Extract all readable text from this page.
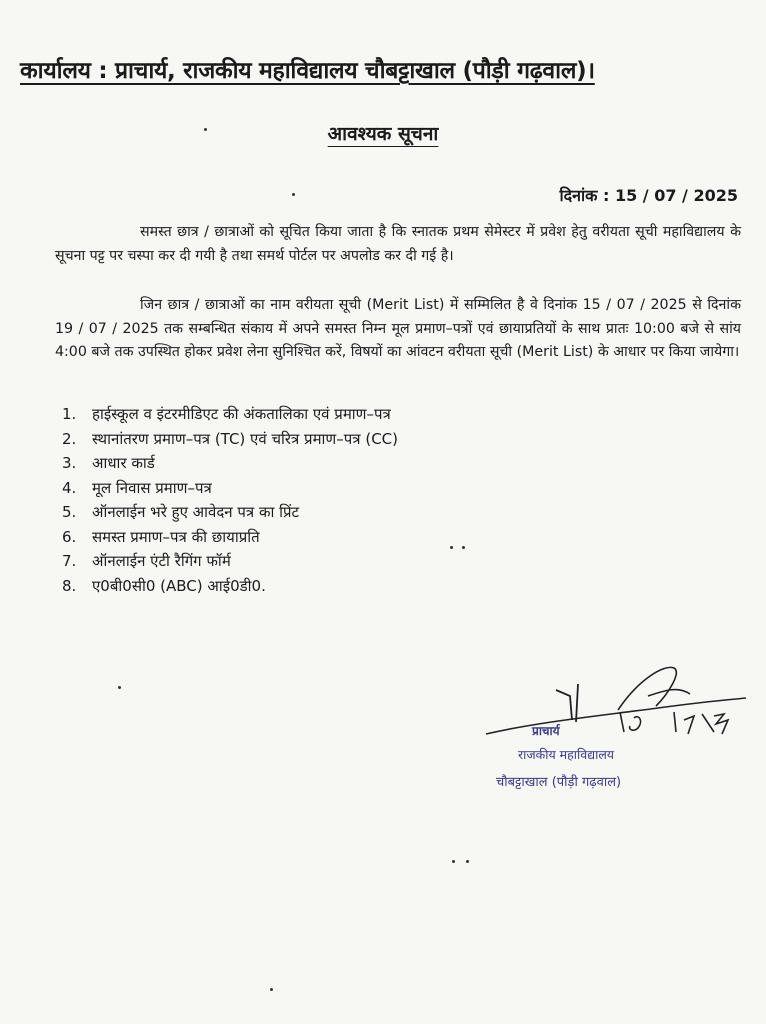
कार्यालय : प्राचार्य, राजकीय महाविद्यालय चौबट्टाखाल (पौड़ी गढ़वाल)।
आवश्यक सूचना
दिनांक : 15 / 07 / 2025
समस्त छात्र / छात्राओं को सूचित किया जाता है कि स्नातक प्रथम सेमेस्टर में प्रवेश हेतु वरीयता सूची महाविद्यालय के सूचना पट्ट पर चस्पा कर दी गयी है तथा समर्थ पोर्टल पर अपलोड कर दी गई है।
जिन छात्र / छात्राओं का नाम वरीयता सूची (Merit List) में सम्मिलित है वे दिनांक 15 / 07 / 2025 से दिनांक 19 / 07 / 2025 तक सम्बन्धित संकाय में अपने समस्त निम्न मूल प्रमाण–पत्रों एवं छायाप्रतियों के साथ प्रातः 10:00 बजे से सांय 4:00 बजे तक उपस्थित होकर प्रवेश लेना सुनिश्चित करें, विषयों का आंवटन वरीयता सूची (Merit List) के आधार पर किया जायेगा।
1. हाईस्कूल व इंटरमीडिएट की अंकतालिका एवं प्रमाण–पत्र
2. स्थानांतरण प्रमाण–पत्र (TC) एवं चरित्र प्रमाण–पत्र (CC)
3. आधार कार्ड
4. मूल निवास प्रमाण–पत्र
5. ऑनलाईन भरे हुए आवेदन पत्र का प्रिंट
6. समस्त प्रमाण–पत्र की छायाप्रति
7. ऑनलाईन एंटी रैगिंग फॉर्म
8. ए0बी0सी0 (ABC) आई0डी0.
प्राचार्य
राजकीय महाविद्यालय
चौबट्टाखाल (पौड़ी गढ़वाल)
